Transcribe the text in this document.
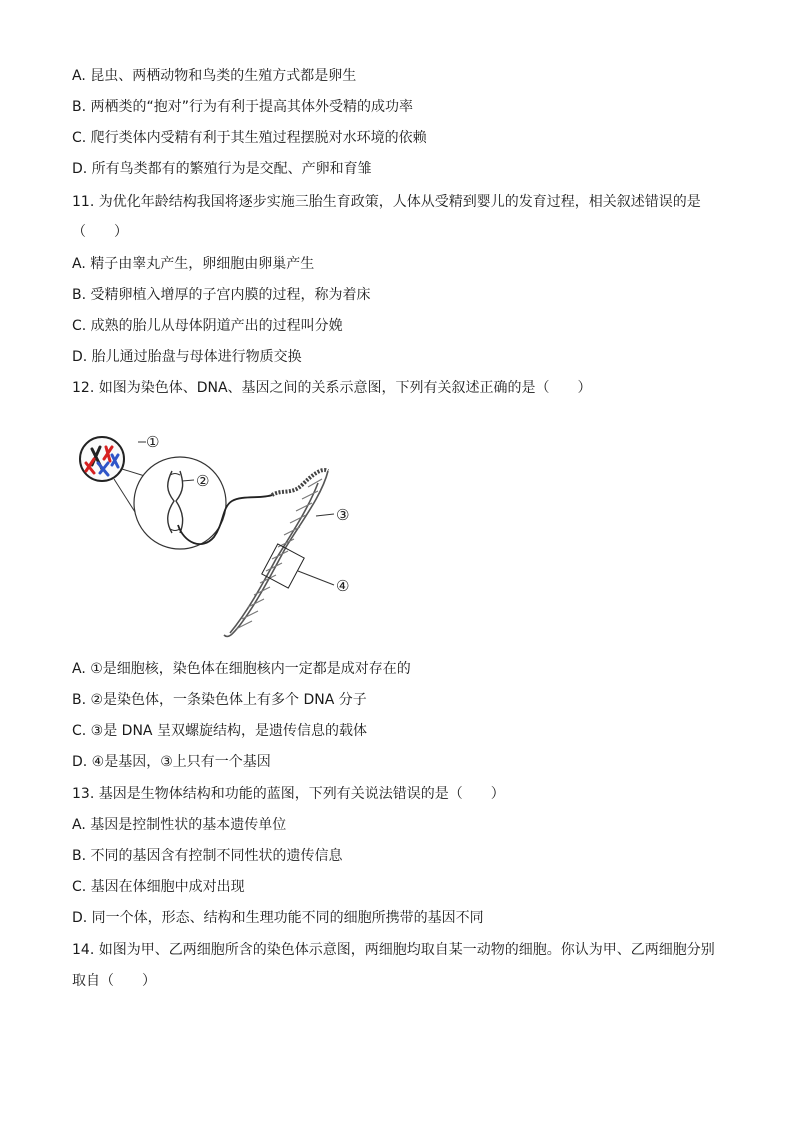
A. 昆虫、两栖动物和鸟类的生殖方式都是卵生
B. 两栖类的“抱对”行为有利于提高其体外受精的成功率
C. 爬行类体内受精有利于其生殖过程摆脱对水环境的依赖
D. 所有鸟类都有的繁殖行为是交配、产卵和育雏
11. 为优化年龄结构我国将逐步实施三胎生育政策，人体从受精到婴儿的发育过程，相关叙述错误的是
（　　）
A. 精子由睾丸产生，卵细胞由卵巢产生
B. 受精卵植入增厚的子宫内膜的过程，称为着床
C. 成熟的胎儿从母体阴道产出的过程叫分娩
D. 胎儿通过胎盘与母体进行物质交换
12. 如图为染色体、DNA、基因之间的关系示意图，下列有关叙述正确的是（　　）
①
②
③
④
A. ①是细胞核，染色体在细胞核内一定都是成对存在的
B. ②是染色体，一条染色体上有多个 DNA 分子
C. ③是 DNA 呈双螺旋结构，是遗传信息的载体
D. ④是基因，③上只有一个基因
13. 基因是生物体结构和功能的蓝图，下列有关说法错误的是（　　）
A. 基因是控制性状的基本遗传单位
B. 不同的基因含有控制不同性状的遗传信息
C. 基因在体细胞中成对出现
D. 同一个体，形态、结构和生理功能不同的细胞所携带的基因不同
14. 如图为甲、乙两细胞所含的染色体示意图，两细胞均取自某一动物的细胞。你认为甲、乙两细胞分别
取自（　　）
